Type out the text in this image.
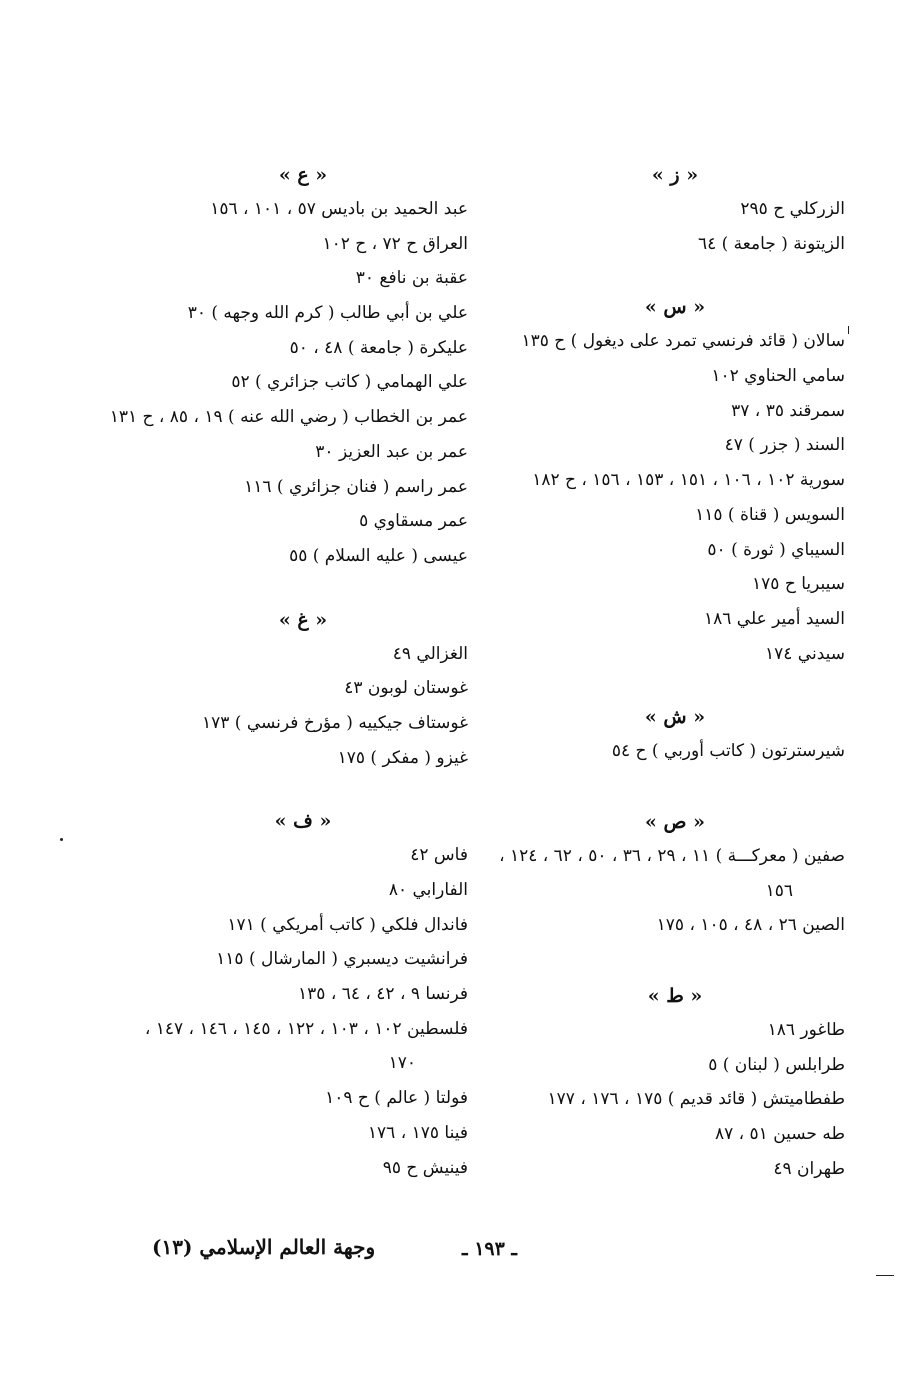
« ز »
الزركلي ح ٢٩٥
الزيتونة ( جامعة ) ٦٤
« س »
سالان ( قائد فرنسي تمرد على ديغول ) ح ١٣٥
سامي الحناوي ١٠٢
سمرقند ٣٥ ، ٣٧
السند ( جزر ) ٤٧
سورية ١٠٢ ، ١٠٦ ، ١٥١ ، ١٥٣ ، ١٥٦ ، ح ١٨٢
السويس ( قناة ) ١١٥
السيباي ( ثورة ) ٥٠
سيبريا ح ١٧٥
السيد أمير علي ١٨٦
سيدني ١٧٤
« ش »
شيرسترتون ( كاتب أوربي ) ح ٥٤
« ص »
صفين ( معركـــة ) ١١ ، ٢٩ ، ٣٦ ، ٥٠ ، ٦٢ ، ١٢٤ ،
١٥٦
الصين ٢٦ ، ٤٨ ، ١٠٥ ، ١٧٥
« ط »
طاغور ١٨٦
طرابلس ( لبنان ) ٥
طفطاميتش ( قائد قديم ) ١٧٥ ، ١٧٦ ، ١٧٧
طه حسين ٥١ ، ٨٧
طهران ٤٩
« ع »
عبد الحميد بن باديس ٥٧ ، ١٠١ ، ١٥٦
العراق ح ٧٢ ، ح ١٠٢
عقبة بن نافع ٣٠
علي بن أبي طالب ( كرم الله وجهه ) ٣٠
عليكرة ( جامعة ) ٤٨ ، ٥٠
علي الهمامي ( كاتب جزائري ) ٥٢
عمر بن الخطاب ( رضي الله عنه ) ١٩ ، ٨٥ ، ح ١٣١
عمر بن عبد العزيز ٣٠
عمر راسم ( فنان جزائري ) ١١٦
عمر مسقاوي ٥
عيسى ( عليه السلام ) ٥٥
« غ »
الغزالي ٤٩
غوستان لوبون ٤٣
غوستاف جيكييه ( مؤرخ فرنسي ) ١٧٣
غيزو ( مفكر ) ١٧٥
« ف »
فاس ٤٢
الفارابي ٨٠
فاندال فلكي ( كاتب أمريكي ) ١٧١
فرانشيت ديسبري ( المارشال ) ١١٥
فرنسا ٩ ، ٤٢ ، ٦٤ ، ١٣٥
فلسطين ١٠٢ ، ١٠٣ ، ١٢٢ ، ١٤٥ ، ١٤٦ ، ١٤٧ ،
١٧٠
فولتا ( عالم ) ح ١٠٩
فينا ١٧٥ ، ١٧٦
فينيش ح ٩٥
وجهة العالم الإسلامي (١٣)	ـ ١٩٣ ـ
